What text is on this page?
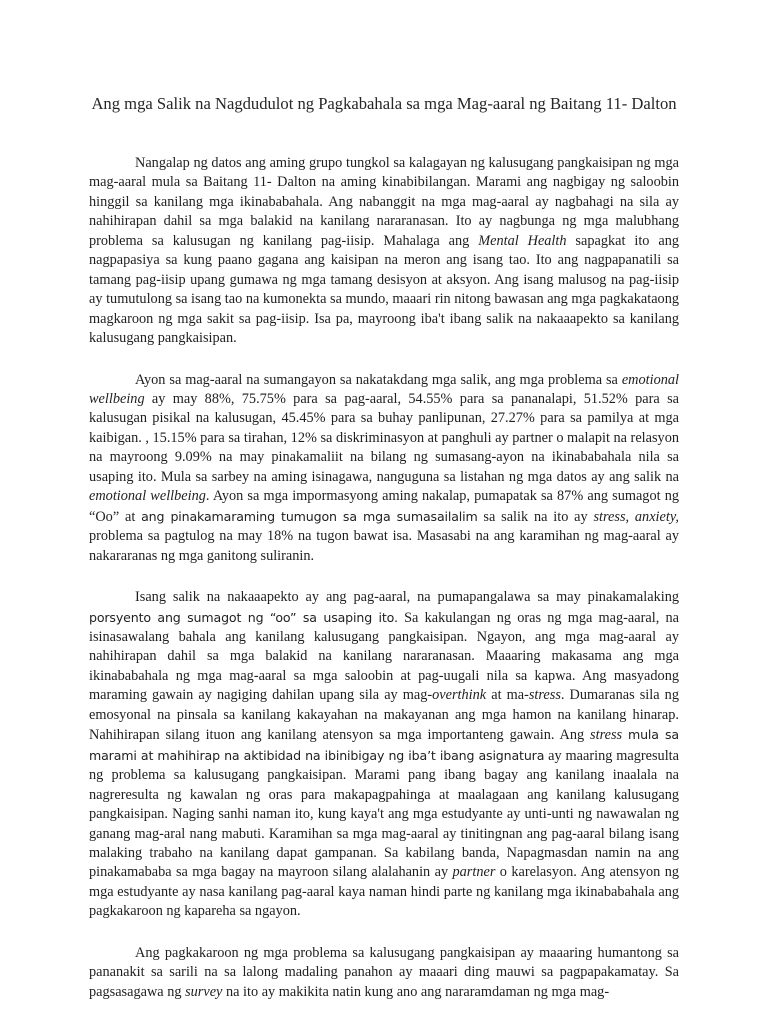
Ang mga Salik na Nagdudulot ng Pagkabahala sa mga Mag-aaral ng Baitang 11- Dalton

Nangalap ng datos ang aming grupo tungkol sa kalagayan ng kalusugang pangkaisipan ng mga mag-aaral mula sa Baitang 11- Dalton na aming kinabibilangan. Marami ang nagbigay ng saloobin hinggil sa kanilang mga ikinababahala. Ang nabanggit na mga mag-aaral ay nagbahagi na sila ay nahihirapan dahil sa mga balakid na kanilang nararanasan. Ito ay nagbunga ng mga malubhang problema sa kalusugan ng kanilang pag-iisip. Mahalaga ang Mental Health sapagkat ito ang nagpapasiya sa kung paano gagana ang kaisipan na meron ang isang tao. Ito ang nagpapanatili sa tamang pag-iisip upang gumawa ng mga tamang desisyon at aksyon. Ang isang malusog na pag-iisip ay tumutulong sa isang tao na kumonekta sa mundo, maaari rin nitong bawasan ang mga pagkakataong magkaroon ng mga sakit sa pag-iisip. Isa pa, mayroong iba't ibang salik na nakaaapekto sa kanilang kalusugang pangkaisipan.

Ayon sa mag-aaral na sumangayon sa nakatakdang mga salik, ang mga problema sa emotional wellbeing ay may 88%, 75.75% para sa pag-aaral, 54.55% para sa pananalapi, 51.52% para sa kalusugan pisikal na kalusugan, 45.45% para sa buhay panlipunan, 27.27% para sa pamilya at mga kaibigan. , 15.15% para sa tirahan, 12% sa diskriminasyon at panghuli ay partner o malapit na relasyon na mayroong 9.09% na may pinakamaliit na bilang ng sumasang-ayon na ikinababahala nila sa usaping ito. Mula sa sarbey na aming isinagawa, nanguguna sa listahan ng mga datos ay ang salik na emotional wellbeing. Ayon sa mga impormasyong aming nakalap, pumapatak sa 87% ang sumagot ng “Oo” at ang pinakamaraming tumugon sa mga sumasailalim sa salik na ito ay stress, anxiety, problema sa pagtulog na may 18% na tugon bawat isa. Masasabi na ang karamihan ng mag-aaral ay nakararanas ng mga ganitong suliranin.

Isang salik na nakaaapekto ay ang pag-aaral, na pumapangalawa sa may pinakamalaking porsyento ang sumagot ng “oo” sa usaping ito. Sa kakulangan ng oras ng mga mag-aaral, na isinasawalang bahala ang kanilang kalusugang pangkaisipan. Ngayon, ang mga mag-aaral ay nahihirapan dahil sa mga balakid na kanilang nararanasan. Maaaring makasama ang mga ikinababahala ng mga mag-aaral sa mga saloobin at pag-uugali nila sa kapwa. Ang masyadong maraming gawain ay nagiging dahilan upang sila ay mag-overthink at ma-stress. Dumaranas sila ng emosyonal na pinsala sa kanilang kakayahan na makayanan ang mga hamon na kanilang hinarap. Nahihirapan silang ituon ang kanilang atensyon sa mga importanteng gawain. Ang stress mula sa marami at mahihirap na aktibidad na ibinibigay ng iba’t ibang asignatura ay maaring magresulta ng problema sa kalusugang pangkaisipan. Marami pang ibang bagay ang kanilang inaalala na nagreresulta ng kawalan ng oras para makapagpahinga at maalagaan ang kanilang kalusugang pangkaisipan. Naging sanhi naman ito, kung kaya't ang mga estudyante ay unti-unti ng nawawalan ng ganang mag-aral nang mabuti. Karamihan sa mga mag-aaral ay tinitingnan ang pag-aaral bilang isang malaking trabaho na kanilang dapat gampanan. Sa kabilang banda, Napagmasdan namin na ang pinakamababa sa mga bagay na mayroon silang alalahanin ay partner o karelasyon. Ang atensyon ng mga estudyante ay nasa kanilang pag-aaral kaya naman hindi parte ng kanilang mga ikinababahala ang pagkakaroon ng kapareha sa ngayon.

Ang pagkakaroon ng mga problema sa kalusugang pangkaisipan ay maaaring humantong sa pananakit sa sarili na sa lalong madaling panahon ay maaari ding mauwi sa pagpapakamatay. Sa pagsasagawa ng survey na ito ay makikita natin kung ano ang nararamdaman ng mga mag-
